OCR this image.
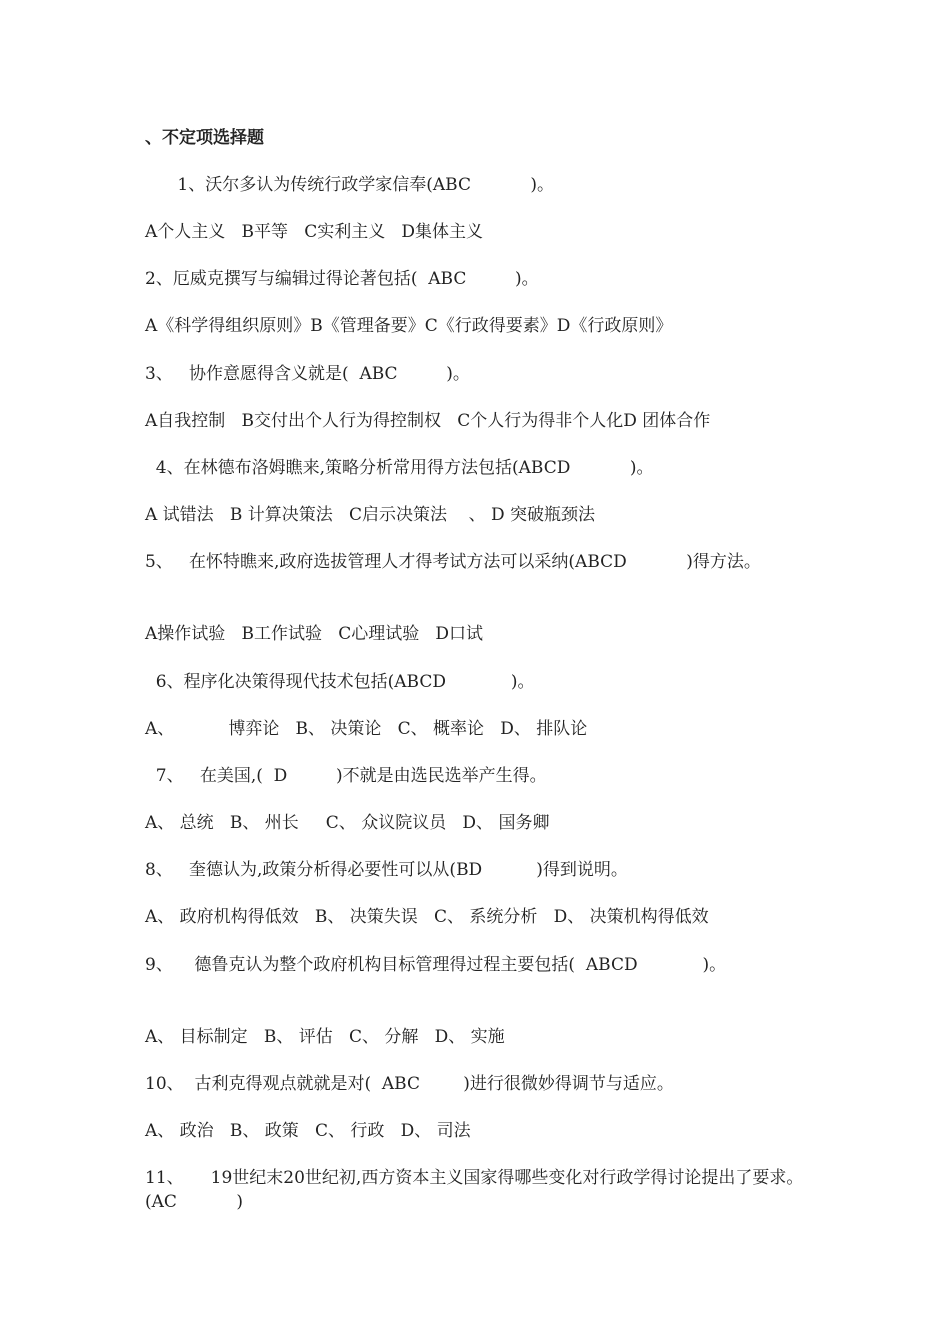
、不定项选择题
1、沃尔多认为传统行政学家信奉(ABC           )。
A个人主义   B平等   C实利主义   D集体主义
2、厄威克撰写与编辑过得论著包括(  ABC         )。
A《科学得组织原则》B《管理备要》C《行政得要素》D《行政原则》
3、   协作意愿得含义就是(  ABC         )。
A自我控制   B交付出个人行为得控制权   C个人行为得非个人化D 团体合作
4、在林德布洛姆瞧来,策略分析常用得方法包括(ABCD           )。
A 试错法   B 计算决策法   C启示决策法    、 D 突破瓶颈法
5、   在怀特瞧来,政府选拔管理人才得考试方法可以采纳(ABCD           )得方法。
A操作试验   B工作试验   C心理试验   D口试
6、程序化决策得现代技术包括(ABCD            )。
A、          博弈论   B、 决策论   C、 概率论   D、 排队论
7、   在美国,(  D         )不就是由选民选举产生得。
A、 总统   B、 州长     C、 众议院议员   D、 国务卿
8、   奎德认为,政策分析得必要性可以从(BD          )得到说明。
A、 政府机构得低效   B、 决策失误   C、 系统分析   D、 决策机构得低效
9、    德鲁克认为整个政府机构目标管理得过程主要包括(  ABCD            )。
A、 目标制定   B、 评估   C、 分解   D、 实施
10、  古利克得观点就就是对(  ABC        )进行很微妙得调节与适应。
A、 政治   B、 政策   C、 行政   D、 司法
11、     19世纪末20世纪初,西方资本主义国家得哪些变化对行政学得讨论提出了要求。(AC           )
